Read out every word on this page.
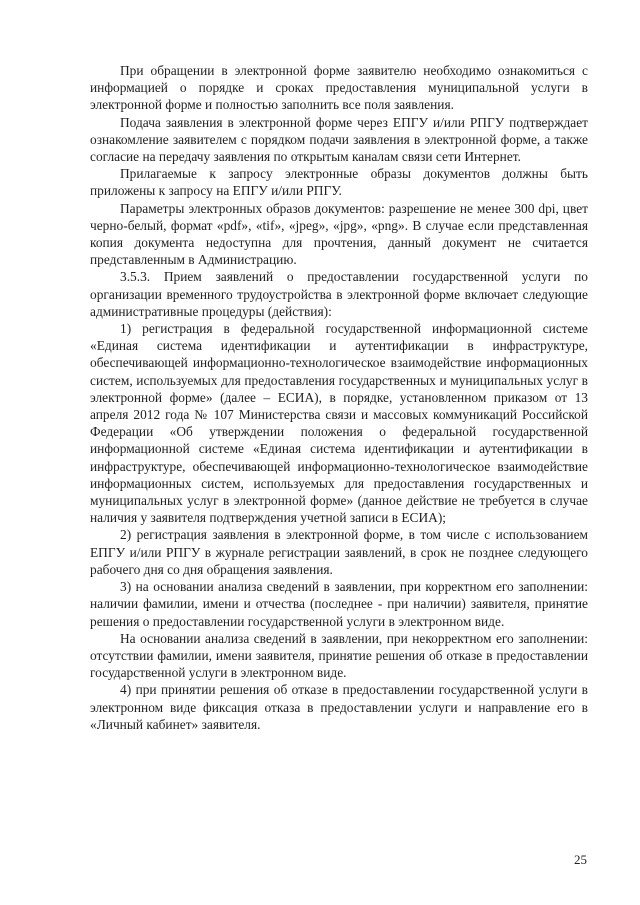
При обращении в электронной форме заявителю необходимо ознакомиться с информацией о порядке и сроках предоставления муниципальной услуги в электронной форме и полностью заполнить все поля заявления.

Подача заявления в электронной форме через ЕПГУ и/или РПГУ подтверждает ознакомление заявителем с порядком подачи заявления в электронной форме, а также согласие на передачу заявления по открытым каналам связи сети Интернет.

Прилагаемые к запросу электронные образы документов должны быть приложены к запросу на ЕПГУ и/или РПГУ.

Параметры электронных образов документов: разрешение не менее 300 dpi, цвет черно-белый, формат «pdf», «tif», «jpeg», «jpg», «png». В случае если представленная копия документа недоступна для прочтения, данный документ не считается представленным в Администрацию.

3.5.3. Прием заявлений о предоставлении государственной услуги по организации временного трудоустройства в электронной форме включает следующие административные процедуры (действия):

1) регистрация в федеральной государственной информационной системе «Единая система идентификации и аутентификации в инфраструктуре, обеспечивающей информационно-технологическое взаимодействие информационных систем, используемых для предоставления государственных и муниципальных услуг в электронной форме» (далее – ЕСИА), в порядке, установленном приказом от 13 апреля 2012 года № 107 Министерства связи и массовых коммуникаций Российской Федерации «Об утверждении положения о федеральной государственной информационной системе «Единая система идентификации и аутентификации в инфраструктуре, обеспечивающей информационно-технологическое взаимодействие информационных систем, используемых для предоставления государственных и муниципальных услуг в электронной форме» (данное действие не требуется в случае наличия у заявителя подтверждения учетной записи в ЕСИА);

2) регистрация заявления в электронной форме, в том числе с использованием ЕПГУ и/или РПГУ в журнале регистрации заявлений, в срок не позднее следующего рабочего дня со дня обращения заявления.

3) на основании анализа сведений в заявлении, при корректном его заполнении: наличии фамилии, имени и отчества (последнее - при наличии) заявителя, принятие решения о предоставлении государственной услуги в электронном виде.

На основании анализа сведений в заявлении, при некорректном его заполнении: отсутствии фамилии, имени заявителя, принятие решения об отказе в предоставлении государственной услуги в электронном виде.

4) при принятии решения об отказе в предоставлении государственной услуги в электронном виде фиксация отказа в предоставлении услуги и направление его в «Личный кабинет» заявителя.

25
